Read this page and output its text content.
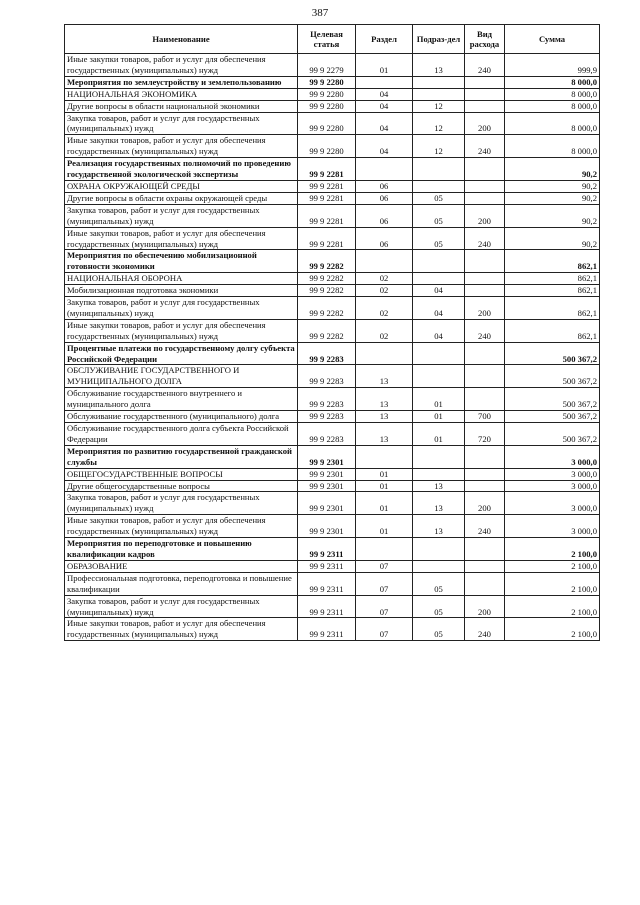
387
Наименование	Целевая статья	Раздел	Подраз-дел	Вид расхода	Сумма
Иные закупки товаров, работ и услуг для обеспечения государственных (муниципальных) нужд	99 9 2279	01	13	240	999,9
Мероприятия по землеустройству и землепользованию	99 9 2280				8 000,0
НАЦИОНАЛЬНАЯ ЭКОНОМИКА	99 9 2280	04			8 000,0
Другие вопросы в области национальной экономики	99 9 2280	04	12		8 000,0
Закупка товаров, работ и услуг для государственных (муниципальных) нужд	99 9 2280	04	12	200	8 000,0
Иные закупки товаров, работ и услуг для обеспечения государственных (муниципальных) нужд	99 9 2280	04	12	240	8 000,0
Реализация государственных полномочий по проведению государственной экологической экспертизы	99 9 2281				90,2
ОХРАНА ОКРУЖАЮЩЕЙ СРЕДЫ	99 9 2281	06			90,2
Другие вопросы в области охраны окружающей среды	99 9 2281	06	05		90,2
Закупка товаров, работ и услуг для государственных (муниципальных) нужд	99 9 2281	06	05	200	90,2
Иные закупки товаров, работ и услуг для обеспечения государственных (муниципальных) нужд	99 9 2281	06	05	240	90,2
Мероприятия по обеспечению мобилизационной готовности экономики	99 9 2282				862,1
НАЦИОНАЛЬНАЯ ОБОРОНА	99 9 2282	02			862,1
Мобилизационная подготовка экономики	99 9 2282	02	04		862,1
Закупка товаров, работ и услуг для государственных (муниципальных) нужд	99 9 2282	02	04	200	862,1
Иные закупки товаров, работ и услуг для обеспечения государственных (муниципальных) нужд	99 9 2282	02	04	240	862,1
Процентные платежи по государственному долгу субъекта Российской Федерации	99 9 2283				500 367,2
ОБСЛУЖИВАНИЕ ГОСУДАРСТВЕННОГО И МУНИЦИПАЛЬНОГО ДОЛГА	99 9 2283	13			500 367,2
Обслуживание государственного внутреннего и муниципального долга	99 9 2283	13	01		500 367,2
Обслуживание государственного (муниципального) долга	99 9 2283	13	01	700	500 367,2
Обслуживание государственного долга субъекта Российской Федерации	99 9 2283	13	01	720	500 367,2
Мероприятия по развитию государственной гражданской службы	99 9 2301				3 000,0
ОБЩЕГОСУДАРСТВЕННЫЕ ВОПРОСЫ	99 9 2301	01			3 000,0
Другие общегосударственные вопросы	99 9 2301	01	13		3 000,0
Закупка товаров, работ и услуг для государственных (муниципальных) нужд	99 9 2301	01	13	200	3 000,0
Иные закупки товаров, работ и услуг для обеспечения государственных (муниципальных) нужд	99 9 2301	01	13	240	3 000,0
Мероприятия по переподготовке и повышению квалификации кадров	99 9 2311				2 100,0
ОБРАЗОВАНИЕ	99 9 2311	07			2 100,0
Профессиональная подготовка, переподготовка и повышение квалификации	99 9 2311	07	05		2 100,0
Закупка товаров, работ и услуг для государственных (муниципальных) нужд	99 9 2311	07	05	200	2 100,0
Иные закупки товаров, работ и услуг для обеспечения государственных (муниципальных) нужд	99 9 2311	07	05	240	2 100,0
